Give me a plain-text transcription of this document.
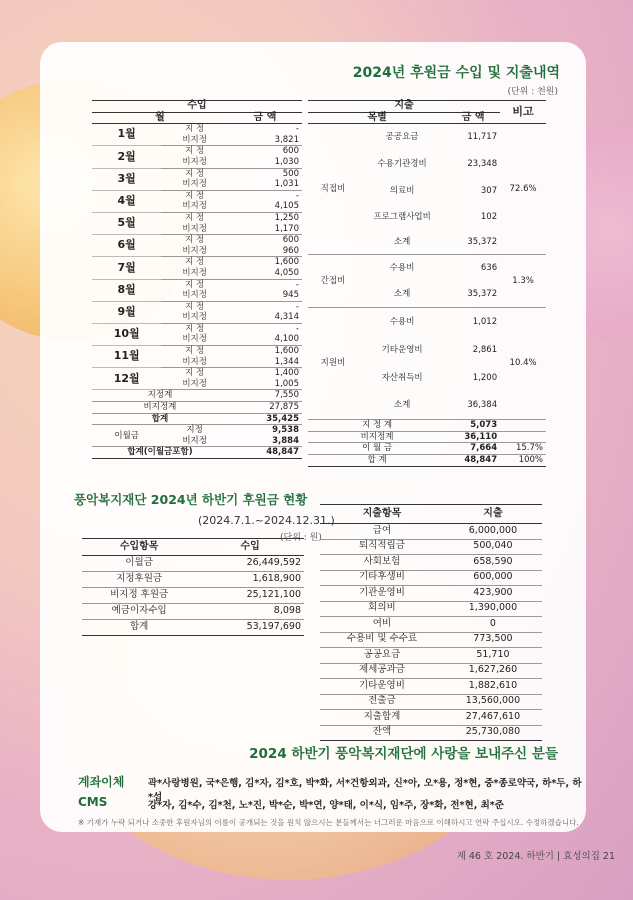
2024년 후원금 수입 및 지출내역
(단위 : 천원)
수입		
월		금 액
1월	지 정	-
	비지정	3,821
2월	지 정	600
	비지정	1,030
3월	지 정	500
	비지정	1,031
4월	지 정	-
	비지정	4,105
5월	지 정	1,250
	비지정	1,170
6월	지 정	600
	비지정	960
7월	지 정	1,600
	비지정	4,050
8월	지 정	-
	비지정	945
9월	지 정	-
	비지정	4,314
10월	지 정	-
	비지정	4,100
11월	지 정	1,600
	비지정	1,344
12월	지 정	1,400
	비지정	1,005
지정계		7,550
비지정계		27,875
합계		35,425
이월금	지정	9,538
	비지정	3,884
합계(이월금포함)		48,847
지출			비고
목별		금 액	
직접비	공공요금	11,717	72.6%
	수용기관경비	23,348	
	의료비	307	
	프로그램사업비	102	
	소계	35,372	
간접비	수용비	636	1.3%
	소계	35,372	
지원비	수용비	1,012	10.4%
	기타운영비	2,861	
	자산취득비	1,200	
	소계	36,384	
지 정 계		5,073	
비지정계		36,110	
이 월 금		7,664	15.7%
합 계		48,847	100%
풍악복지재단 2024년 하반기 후원금 현황
(2024.7.1.~2024.12.31.)
(단위 : 원)
수입항목	수입
이월금	26,449,592
지정후원금	1,618,900
비지정 후원금	25,121,100
예금이자수입	8,098
합계	53,197,690
지출항목	지출
급여	6,000,000
퇴직적립금	500,040
사회보험	658,590
기타후생비	600,000
기관운영비	423,900
회의비	1,390,000
여비	0
수용비 및 수수료	773,500
공공요금	51,710
제세공과금	1,627,260
기타운영비	1,882,610
전출금	13,560,000
지출합계	27,467,610
잔액	25,730,080
2024 하반기 풍악복지재단에 사랑을 보내주신 분들
계좌이체 곽*사랑병원, 국*은행, 김*자, 김*호, 박*화, 서*건항외과, 신*아, 오*용, 정*현, 중*종로약국, 하*두, 하*섭
CMS	강*자, 김*수, 김*천, 노*진, 박*순, 박*연, 양*태, 이*식, 임*주, 장*화, 전*현, 최*준
※ 기재가 누락 되거나 소중한 후원자님의 이름이 공개되는 것을 원치 않으시는 분들께서는 너그러운 마음으로 이해하시고 연락 주십시오. 수정하겠습니다.
제 46 호 2024. 하반기 | 효성의집 21
